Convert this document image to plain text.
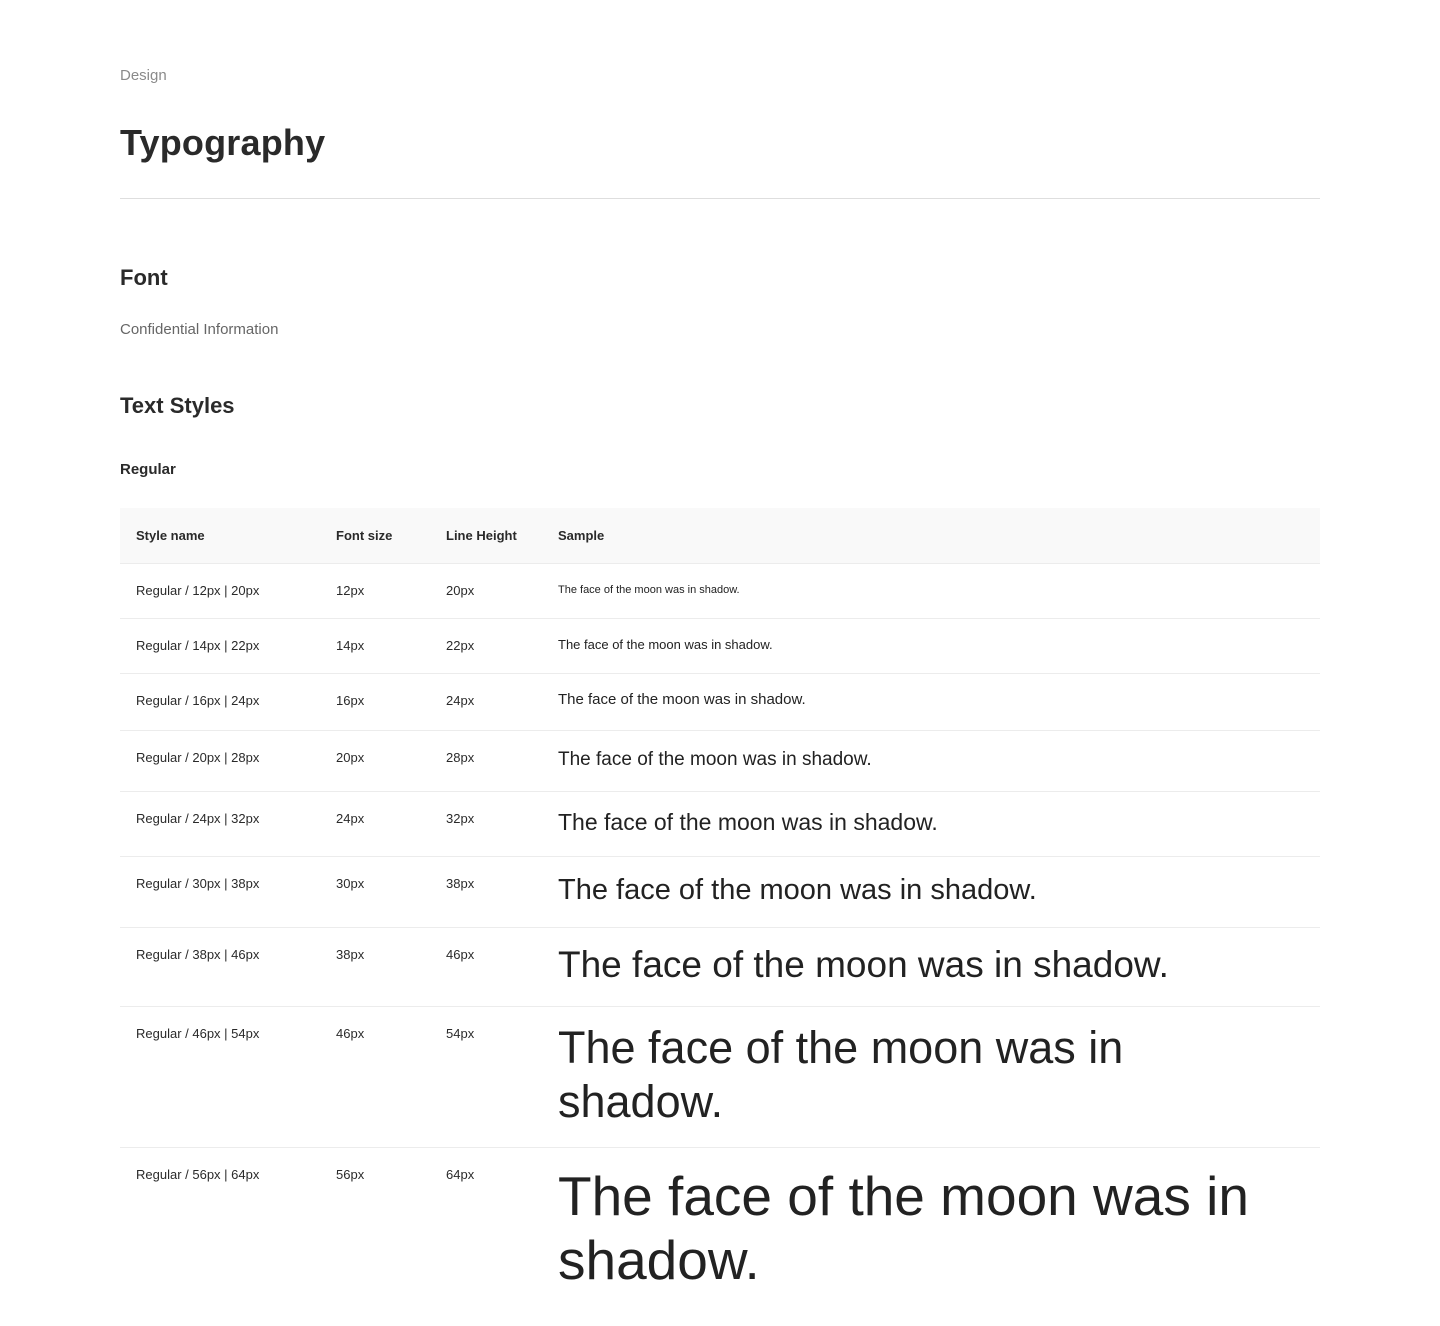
Design

Typography
Font
Confidential Information
Text Styles
Regular
Style name	Font size	Line Height	Sample
Regular / 12px | 20px	12px	20px	The face of the moon was in shadow.
Regular / 14px | 22px	14px	22px	The face of the moon was in shadow.
Regular / 16px | 24px	16px	24px	The face of the moon was in shadow.
Regular / 20px | 28px	20px	28px	The face of the moon was in shadow.
Regular / 24px | 32px	24px	32px	The face of the moon was in shadow.
Regular / 30px | 38px	30px	38px	The face of the moon was in shadow.
Regular / 38px | 46px	38px	46px	The face of the moon was in shadow.
Regular / 46px | 54px	46px	54px	The face of the moon was in shadow.
Regular / 56px | 64px	56px	64px	The face of the moon was in shadow.
